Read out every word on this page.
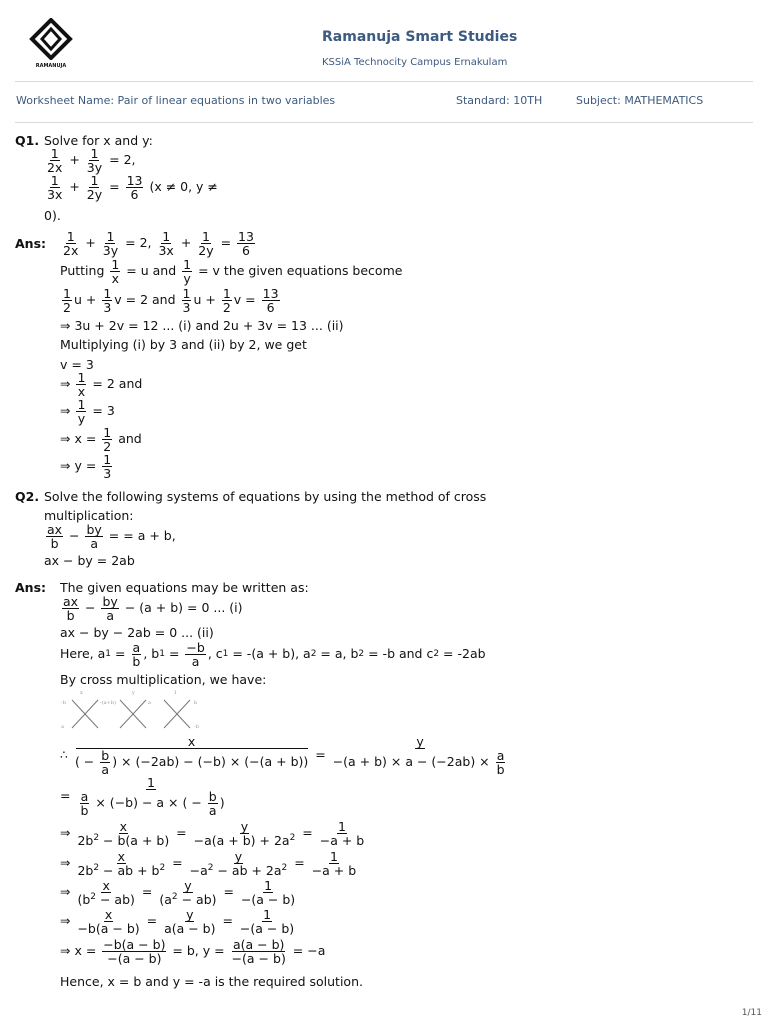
RAMANUJA
Ramanuja Smart Studies
KSSiA Technocity Campus Ernakulam
Worksheet Name: Pair of linear equations in two variables	Standard: 10TH	Subject: MATHEMATICS
Q1. Solve for x and y:
$\frac{1}{2x} + \frac{1}{3y}$
= 2,
$\frac{1}{3x} + \frac{1}{2y} = \frac{13}{6}$
(x ≠ 0, y ≠
0).
Ans: $\frac{1}{2x} + \frac{1}{3y}$
= 2,
$\frac{1}{3x} + \frac{1}{2y} = \frac{13}{6}$
Putting
$\frac{1}{x}$
= u and
$\frac{1}{y}$
= v the given equations become
$\frac{1}{2}$ u +
$\frac{1}{3}$ v = 2 and
$\frac{1}{3}$ u +
$\frac{1}{2}$ v =
$\frac{13}{6}$
⇒ 3u + 2v = 12 ... (i) and 2u + 3v = 13 ... (ii)
Multiplying (i) by 3 and (ii) by 2, we get
v = 3
⇒
$\frac{1}{x}$
= 2 and
⇒
$\frac{1}{y}$
= 3
⇒ x =
$\frac{1}{2}$
and
⇒ y =
$\frac{1}{3}$
Q2. Solve the following systems of equations by using the method of cross
multiplication:
$\frac{ax}{b} - \frac{by}{a}$ = = a + b,
ax − by = 2ab
Ans: The given equations may be written as:
$\frac{ax}{b} - \frac{by}{a}$
− (a + b) = 0 ... (i)
ax − by − 2ab = 0 ... (ii)
Here, a $1 = \frac{a}{b}$ , b $1 = \frac{-b}{a}$ , c 1 = -(a + b), a 2 = a, b 2 = -b and c 2 = -2ab
By cross multiplication, we have:
x	y	1
-b
a
-(a+b)	a	b
-b
∴ $\frac{x}{( - \frac{b}{a} ) \times (-2ab) - (-b) \times (-(a + b))} = \frac{y}{-(a + b) \times a - (-2ab) \times \frac{a}{b}}$
= $\frac{1}{\frac{a}{b} \times (-b) - a \times ( - \frac{b}{a} )}$
⇒ $\frac{x}{2b^2 - b(a + b)} = \frac{y}{-a(a + b) + 2a^2} = \frac{1}{-a + b}$
⇒ $\frac{x}{2b^2 - ab + b^2} = \frac{y}{-a^2 - ab + 2a^2} = \frac{1}{-a + b}$
⇒ $\frac{x}{(b^2 - ab)} = \frac{y}{(a^2 - ab)} = \frac{1}{-(a - b)}$
⇒ $\frac{x}{-b(a - b)} = \frac{y}{a(a - b)} = \frac{1}{-(a - b)}$
⇒ $x = \frac{-b(a - b)}{-(a - b)} = b$, $y = \frac{a(a - b)}{-(a - b)} = -a$
Hence, x = b and y = -a is the required solution.
1/11
